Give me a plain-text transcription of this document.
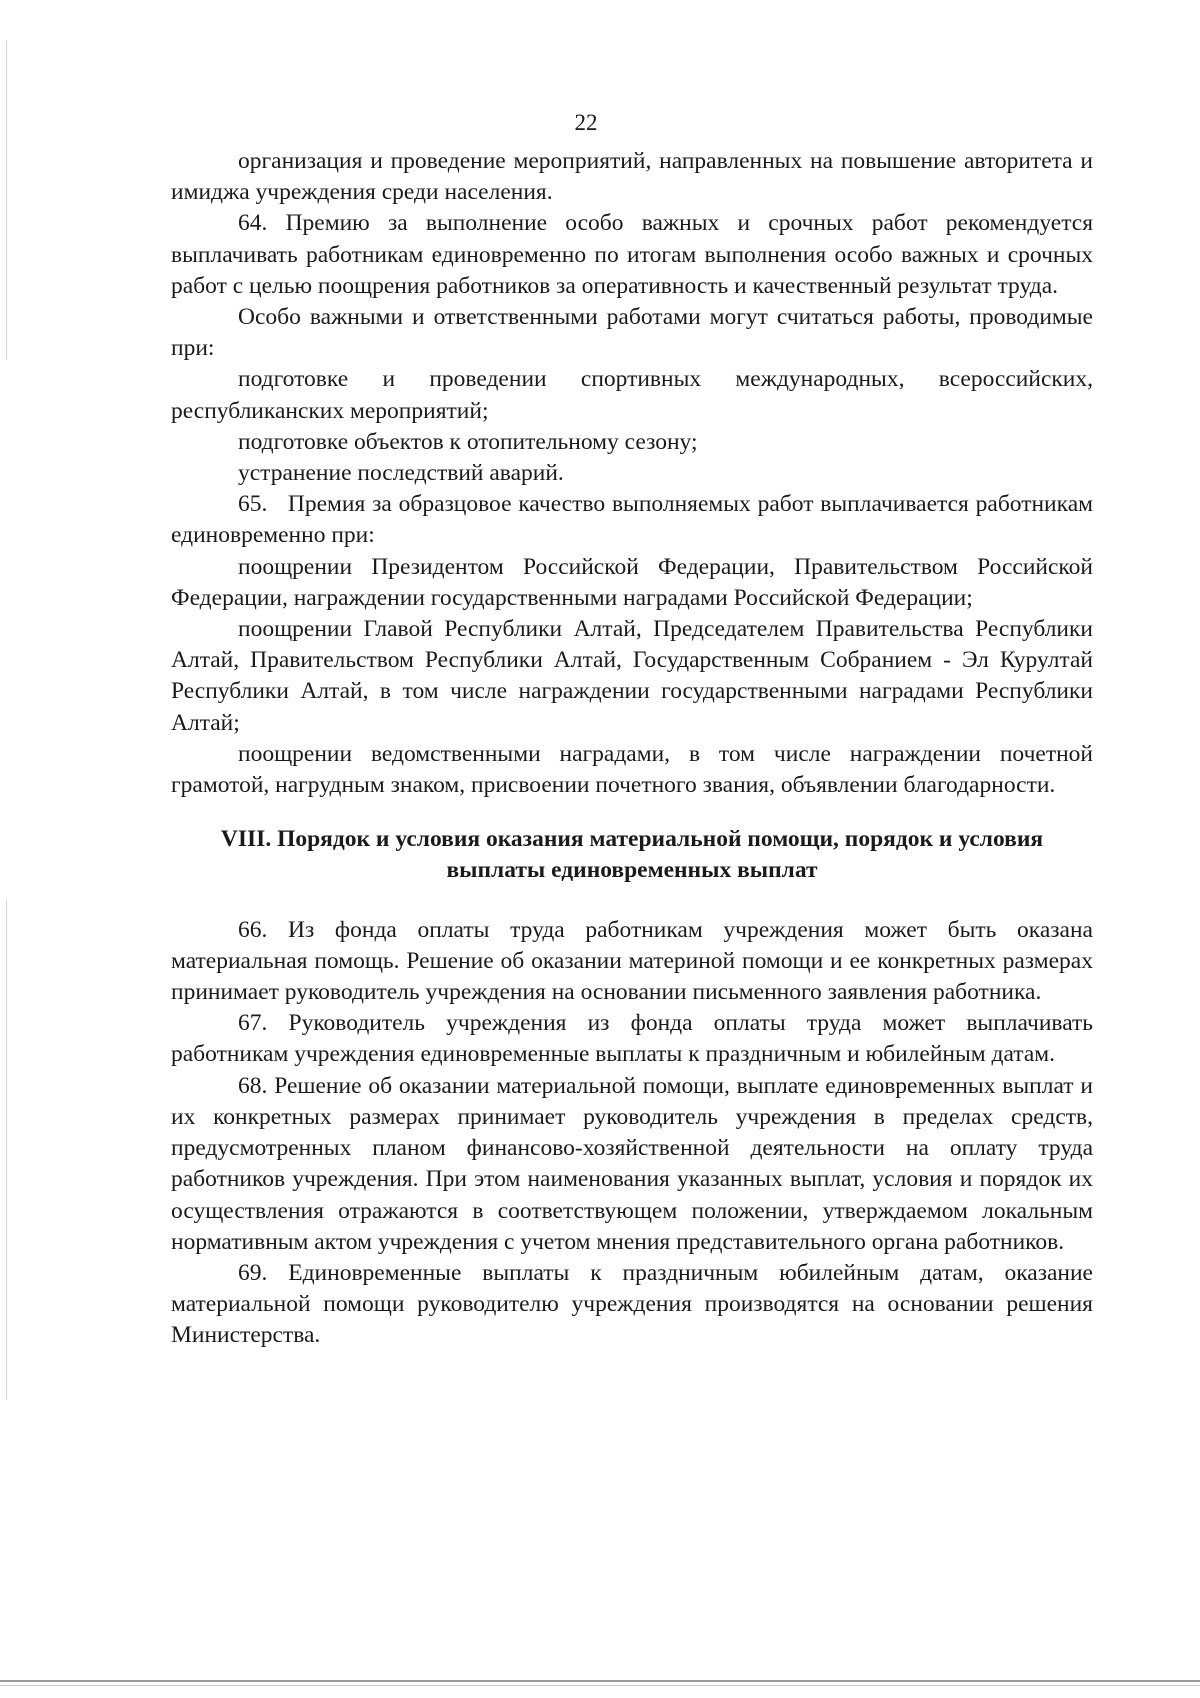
22

организация и проведение мероприятий, направленных на повышение авторитета и имиджа учреждения среди населения.

64. Премию за выполнение особо важных и срочных работ рекомендуется выплачивать работникам единовременно по итогам выполнения особо важных и срочных работ с целью поощрения работников за оперативность и качественный результат труда.

Особо важными и ответственными работами могут считаться работы, проводимые при:

подготовке и проведении спортивных международных, всероссийских, республиканских мероприятий;

подготовке объектов к отопительному сезону;

устранение последствий аварий.

65.   Премия за образцовое качество выполняемых работ выплачивается работникам единовременно при:

поощрении Президентом Российской Федерации, Правительством Российской Федерации, награждении государственными наградами Российской Федерации;

поощрении Главой Республики Алтай, Председателем Правительства Республики Алтай, Правительством Республики Алтай, Государственным Собранием - Эл Курултай Республики Алтай, в том числе награждении государственными наградами Республики Алтай;

поощрении ведомственными наградами, в том числе награждении почетной грамотой, нагрудным знаком, присвоении почетного звания, объявлении благодарности.

VIII. Порядок и условия оказания материальной помощи, порядок и условия выплаты единовременных выплат

66. Из фонда оплаты труда работникам учреждения может быть оказана материальная помощь. Решение об оказании материной помощи и ее конкретных размерах принимает руководитель учреждения на основании письменного заявления работника.

67. Руководитель учреждения из фонда оплаты труда может выплачивать работникам учреждения единовременные выплаты к праздничным и юбилейным датам.

68. Решение об оказании материальной помощи, выплате единовременных выплат и их конкретных размерах принимает руководитель учреждения в пределах средств, предусмотренных планом финансово-хозяйственной деятельности на оплату труда работников учреждения. При этом наименования указанных выплат, условия и порядок их осуществления отражаются в соответствующем положении, утверждаемом локальным нормативным актом учреждения с учетом мнения представительного органа работников.

69. Единовременные выплаты к праздничным юбилейным датам, оказание материальной помощи руководителю учреждения производятся на основании решения Министерства.
